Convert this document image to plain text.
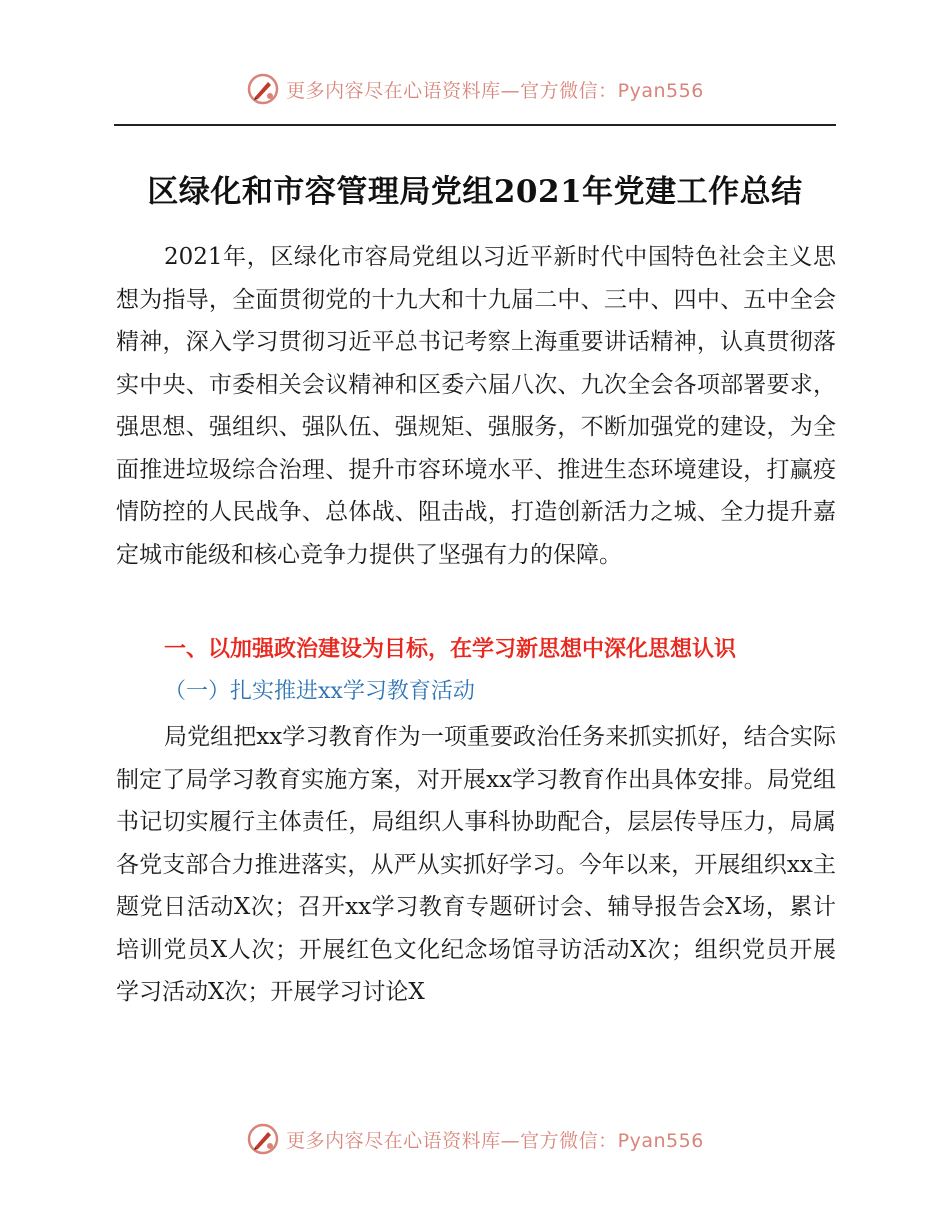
更多内容尽在心语资料库—官方微信：Pyan556
区绿化和市容管理局党组2021年党建工作总结
2021年，区绿化市容局党组以习近平新时代中国特色社会主义思想为指导，全面贯彻党的十九大和十九届二中、三中、四中、五中全会精神，深入学习贯彻习近平总书记考察上海重要讲话精神，认真贯彻落实中央、市委相关会议精神和区委六届八次、九次全会各项部署要求，强思想、强组织、强队伍、强规矩、强服务，不断加强党的建设，为全面推进垃圾综合治理、提升市容环境水平、推进生态环境建设，打赢疫情防控的人民战争、总体战、阻击战，打造创新活力之城、全力提升嘉定城市能级和核心竞争力提供了坚强有力的保障。
一、以加强政治建设为目标，在学习新思想中深化思想认识
（一）扎实推进xx学习教育活动
局党组把xx学习教育作为一项重要政治任务来抓实抓好，结合实际制定了局学习教育实施方案，对开展xx学习教育作出具体安排。局党组书记切实履行主体责任，局组织人事科协助配合，层层传导压力，局属各党支部合力推进落实，从严从实抓好学习。今年以来，开展组织xx主题党日活动X次；召开xx学习教育专题研讨会、辅导报告会X场，累计培训党员X人次；开展红色文化纪念场馆寻访活动X次；组织党员开展学习活动X次；开展学习讨论X
更多内容尽在心语资料库—官方微信：Pyan556
